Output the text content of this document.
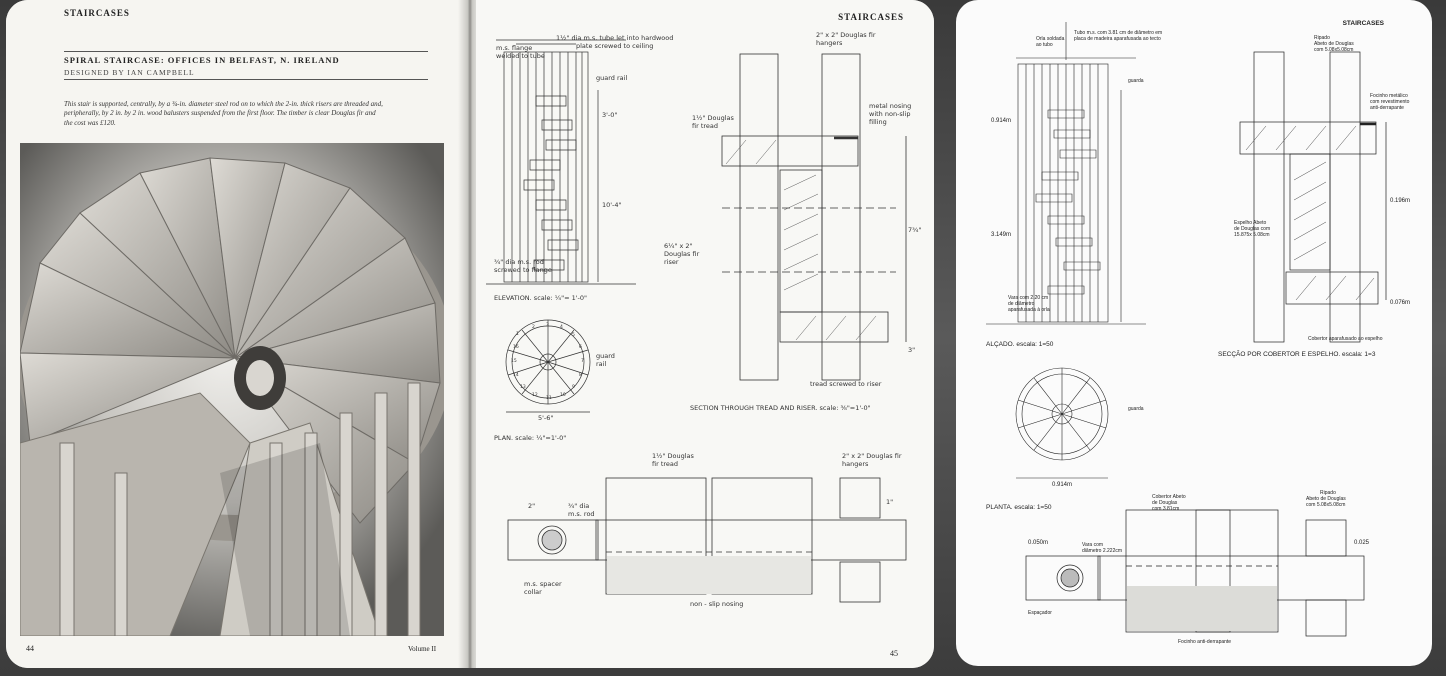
STAIRCASES
SPIRAL STAIRCASE: OFFICES IN BELFAST, N. IRELAND
DESIGNED BY IAN CAMPBELL
This stair is supported, centrally, by a ¾-in. diameter steel rod on to which the 2-in. thick risers are threaded and, peripherally, by 2 in. by 2 in. wood balusters suspended from the first floor. The timber is clear Douglas fir and the cost was £120.
44	Volume II
STAIRCASES
m.s. flange
welded to tube
1½" dia m.s. tube let into hardwood
plate screwed to ceiling
guard rail
3'-0"
10'-4"
¾" dia m.s. rod
screwed to flange
ELEVATION. scale: ¼"= 1'-0"
1
2 3 4
5
6
7
8
9
10
11
12
13
14
15
16
guard
rail
5'-6"
PLAN. scale: ¼"=1'-0"
2" x 2" Douglas fir
hangers
metal nosing
with non-slip
filling
1½" Douglas
fir tread
6¼" x 2"
Douglas fir
riser
7¾"
3"
tread screwed to riser
SECTION THROUGH TREAD AND RISER. scale: ⅜"=1'-0"
1½" Douglas
fir tread
2" x 2" Douglas fir
hangers
2"	¾" dia
m.s. rod
1"
m.s. spacer
collar
non - slip nosing
45
STAIRCASES
Tubo m.s. com 3.81 cm de diâmetro em
placa de madeira aparafusada ao tecto
Orla soldada
ao tubo
guarda
0.914m
3.149m
Vara com 2.20 cm
de diâmetro
aparafusada à orla
ALÇADO. escala: 1=50
Ripado
Abeto de Douglas
com 5.08x5.08cm
Focinho metálico
com revestimento
anti-derrapante
Espelho Abeto
de Douglas com
15.875x 5.08cm
0.196m
0.076m
Cobertor aparafusado ao espelho
SECÇÃO POR COBERTOR E ESPELHO. escala: 1=3
guarda
0.914m
PLANTA. escala: 1=50
Cobertor Abeto
de Douglas
com 3.81cm
Ripado
Abeto de Douglas
com 5.08x5.08cm
0.050m	Vara com
diâmetro 2.222cm
0.025
Espaçador
Focinho anti-derrapante
